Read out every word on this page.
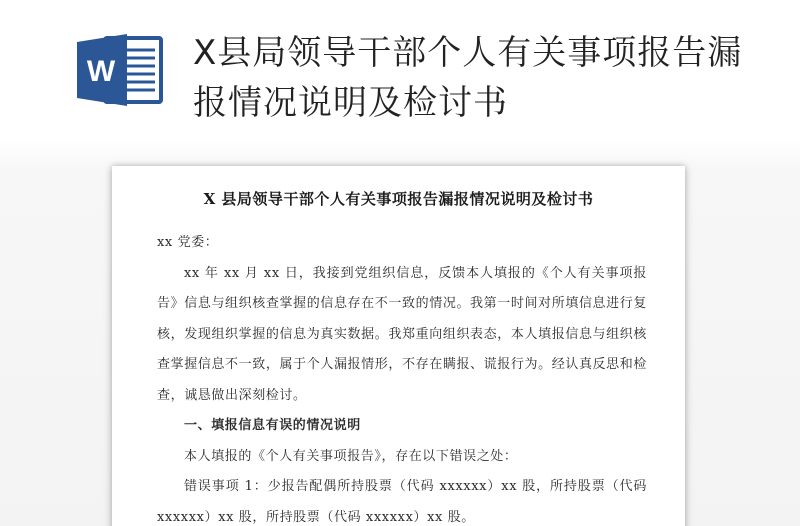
W X县局领导干部个人有关事项报告漏报情况说明及检讨书
X 县局领导干部个人有关事项报告漏报情况说明及检讨书

xx 党委：

xx 年 xx 月 xx 日，我接到党组织信息，反馈本人填报的《个人有关事项报告》信息与组织核查掌握的信息存在不一致的情况。我第一时间对所填信息进行复核，发现组织掌握的信息为真实数据。我郑重向组织表态，本人填报信息与组织核查掌握信息不一致，属于个人漏报情形，不存在瞒报、谎报行为。经认真反思和检查，诚恳做出深刻检讨。

一、填报信息有误的情况说明

本人填报的《个人有关事项报告》，存在以下错误之处：

错误事项 1：少报告配偶所持股票（代码 xxxxxx）xx 股，所持股票（代码 xxxxxx）xx 股，所持股票（代码 xxxxxx）xx 股。
